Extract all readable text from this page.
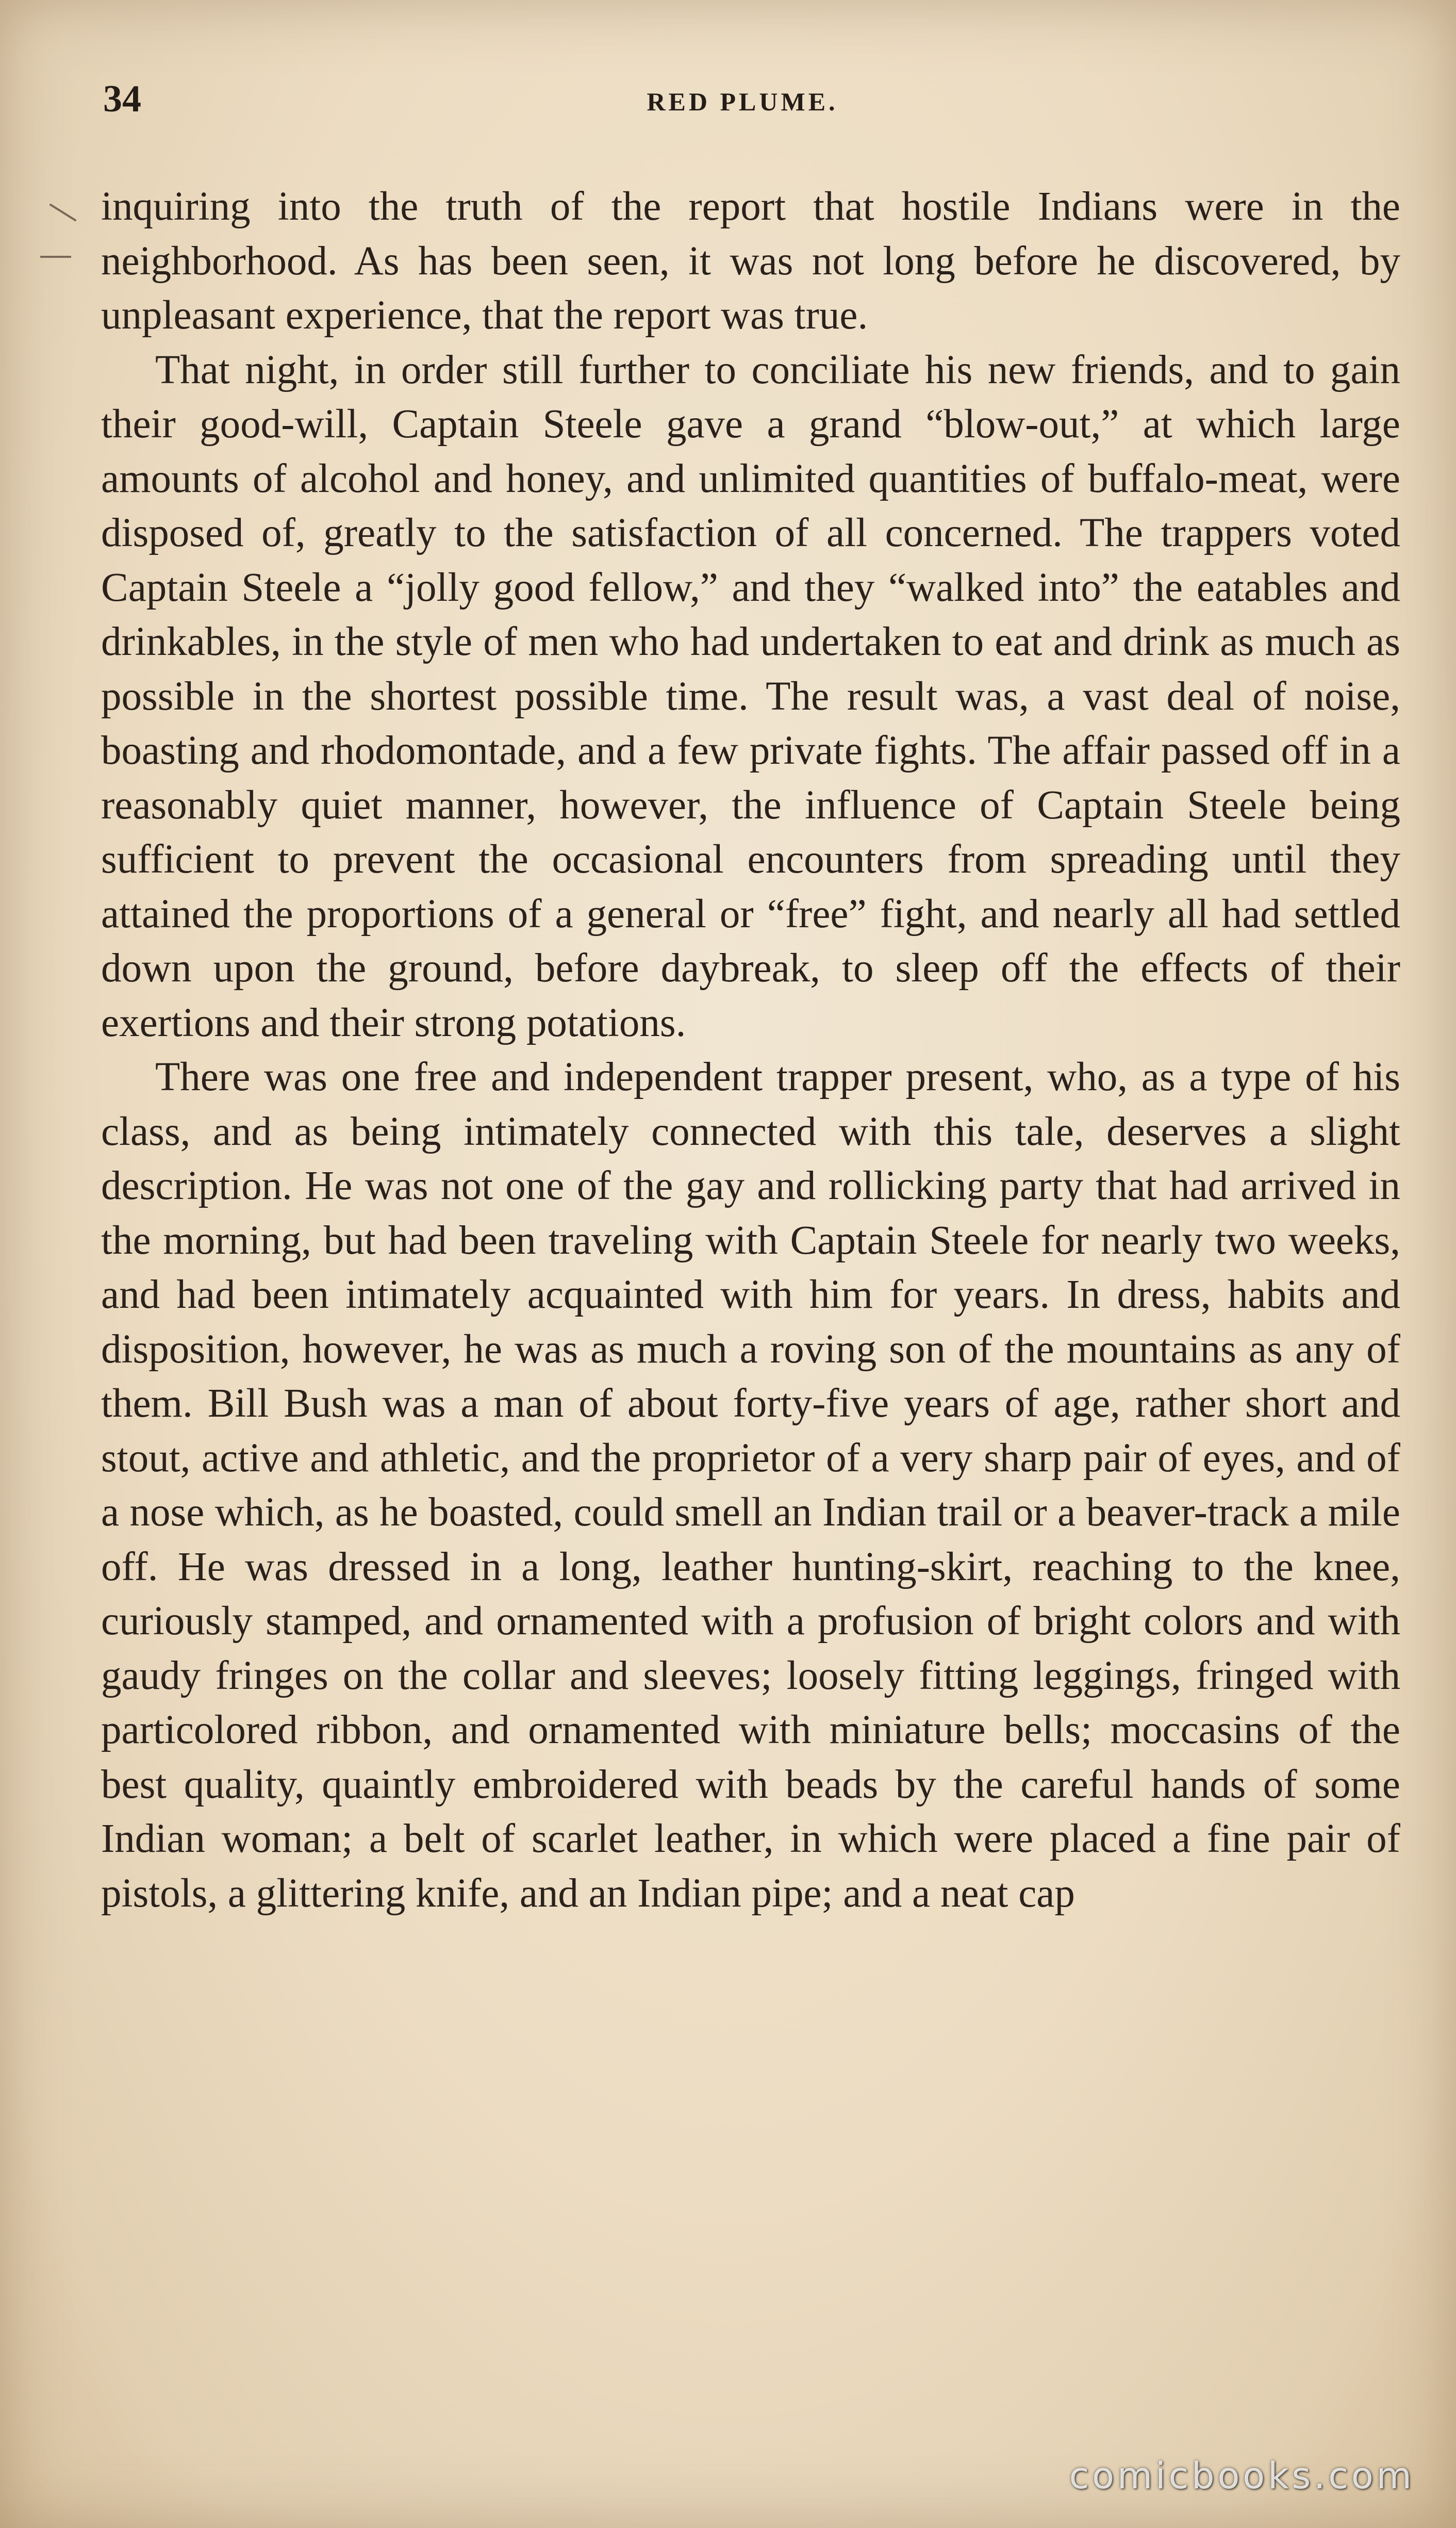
34	RED PLUME.

inquiring into the truth of the report that hostile Indians were in the neighborhood. As has been seen, it was not long before he discovered, by unpleasant experience, that the report was true.

That night, in order still further to conciliate his new friends, and to gain their good-will, Captain Steele gave a grand “blow-out,” at which large amounts of alcohol and honey, and unlimited quantities of buffalo-meat, were disposed of, greatly to the satisfaction of all concerned. The trappers voted Captain Steele a “jolly good fellow,” and they “walked into” the eatables and drinkables, in the style of men who had undertaken to eat and drink as much as possible in the shortest possible time. The result was, a vast deal of noise, boasting and rhodomontade, and a few private fights. The affair passed off in a reasonably quiet manner, however, the influence of Captain Steele being sufficient to prevent the occasional encounters from spreading until they attained the proportions of a general or “free” fight, and nearly all had settled down upon the ground, before daybreak, to sleep off the effects of their exertions and their strong potations.

There was one free and independent trapper present, who, as a type of his class, and as being intimately connected with this tale, deserves a slight description. He was not one of the gay and rollicking party that had arrived in the morning, but had been traveling with Captain Steele for nearly two weeks, and had been intimately acquainted with him for years. In dress, habits and disposition, however, he was as much a roving son of the mountains as any of them. Bill Bush was a man of about forty-five years of age, rather short and stout, active and athletic, and the proprietor of a very sharp pair of eyes, and of a nose which, as he boasted, could smell an Indian trail or a beaver-track a mile off. He was dressed in a long, leather hunting-skirt, reaching to the knee, curiously stamped, and ornamented with a profusion of bright colors and with gaudy fringes on the collar and sleeves; loosely fitting leggings, fringed with particolored ribbon, and ornamented with miniature bells; moccasins of the best quality, quaintly embroidered with beads by the careful hands of some Indian woman; a belt of scarlet leather, in which were placed a fine pair of pistols, a glittering knife, and an Indian pipe; and a neat cap

comicbooks.com
